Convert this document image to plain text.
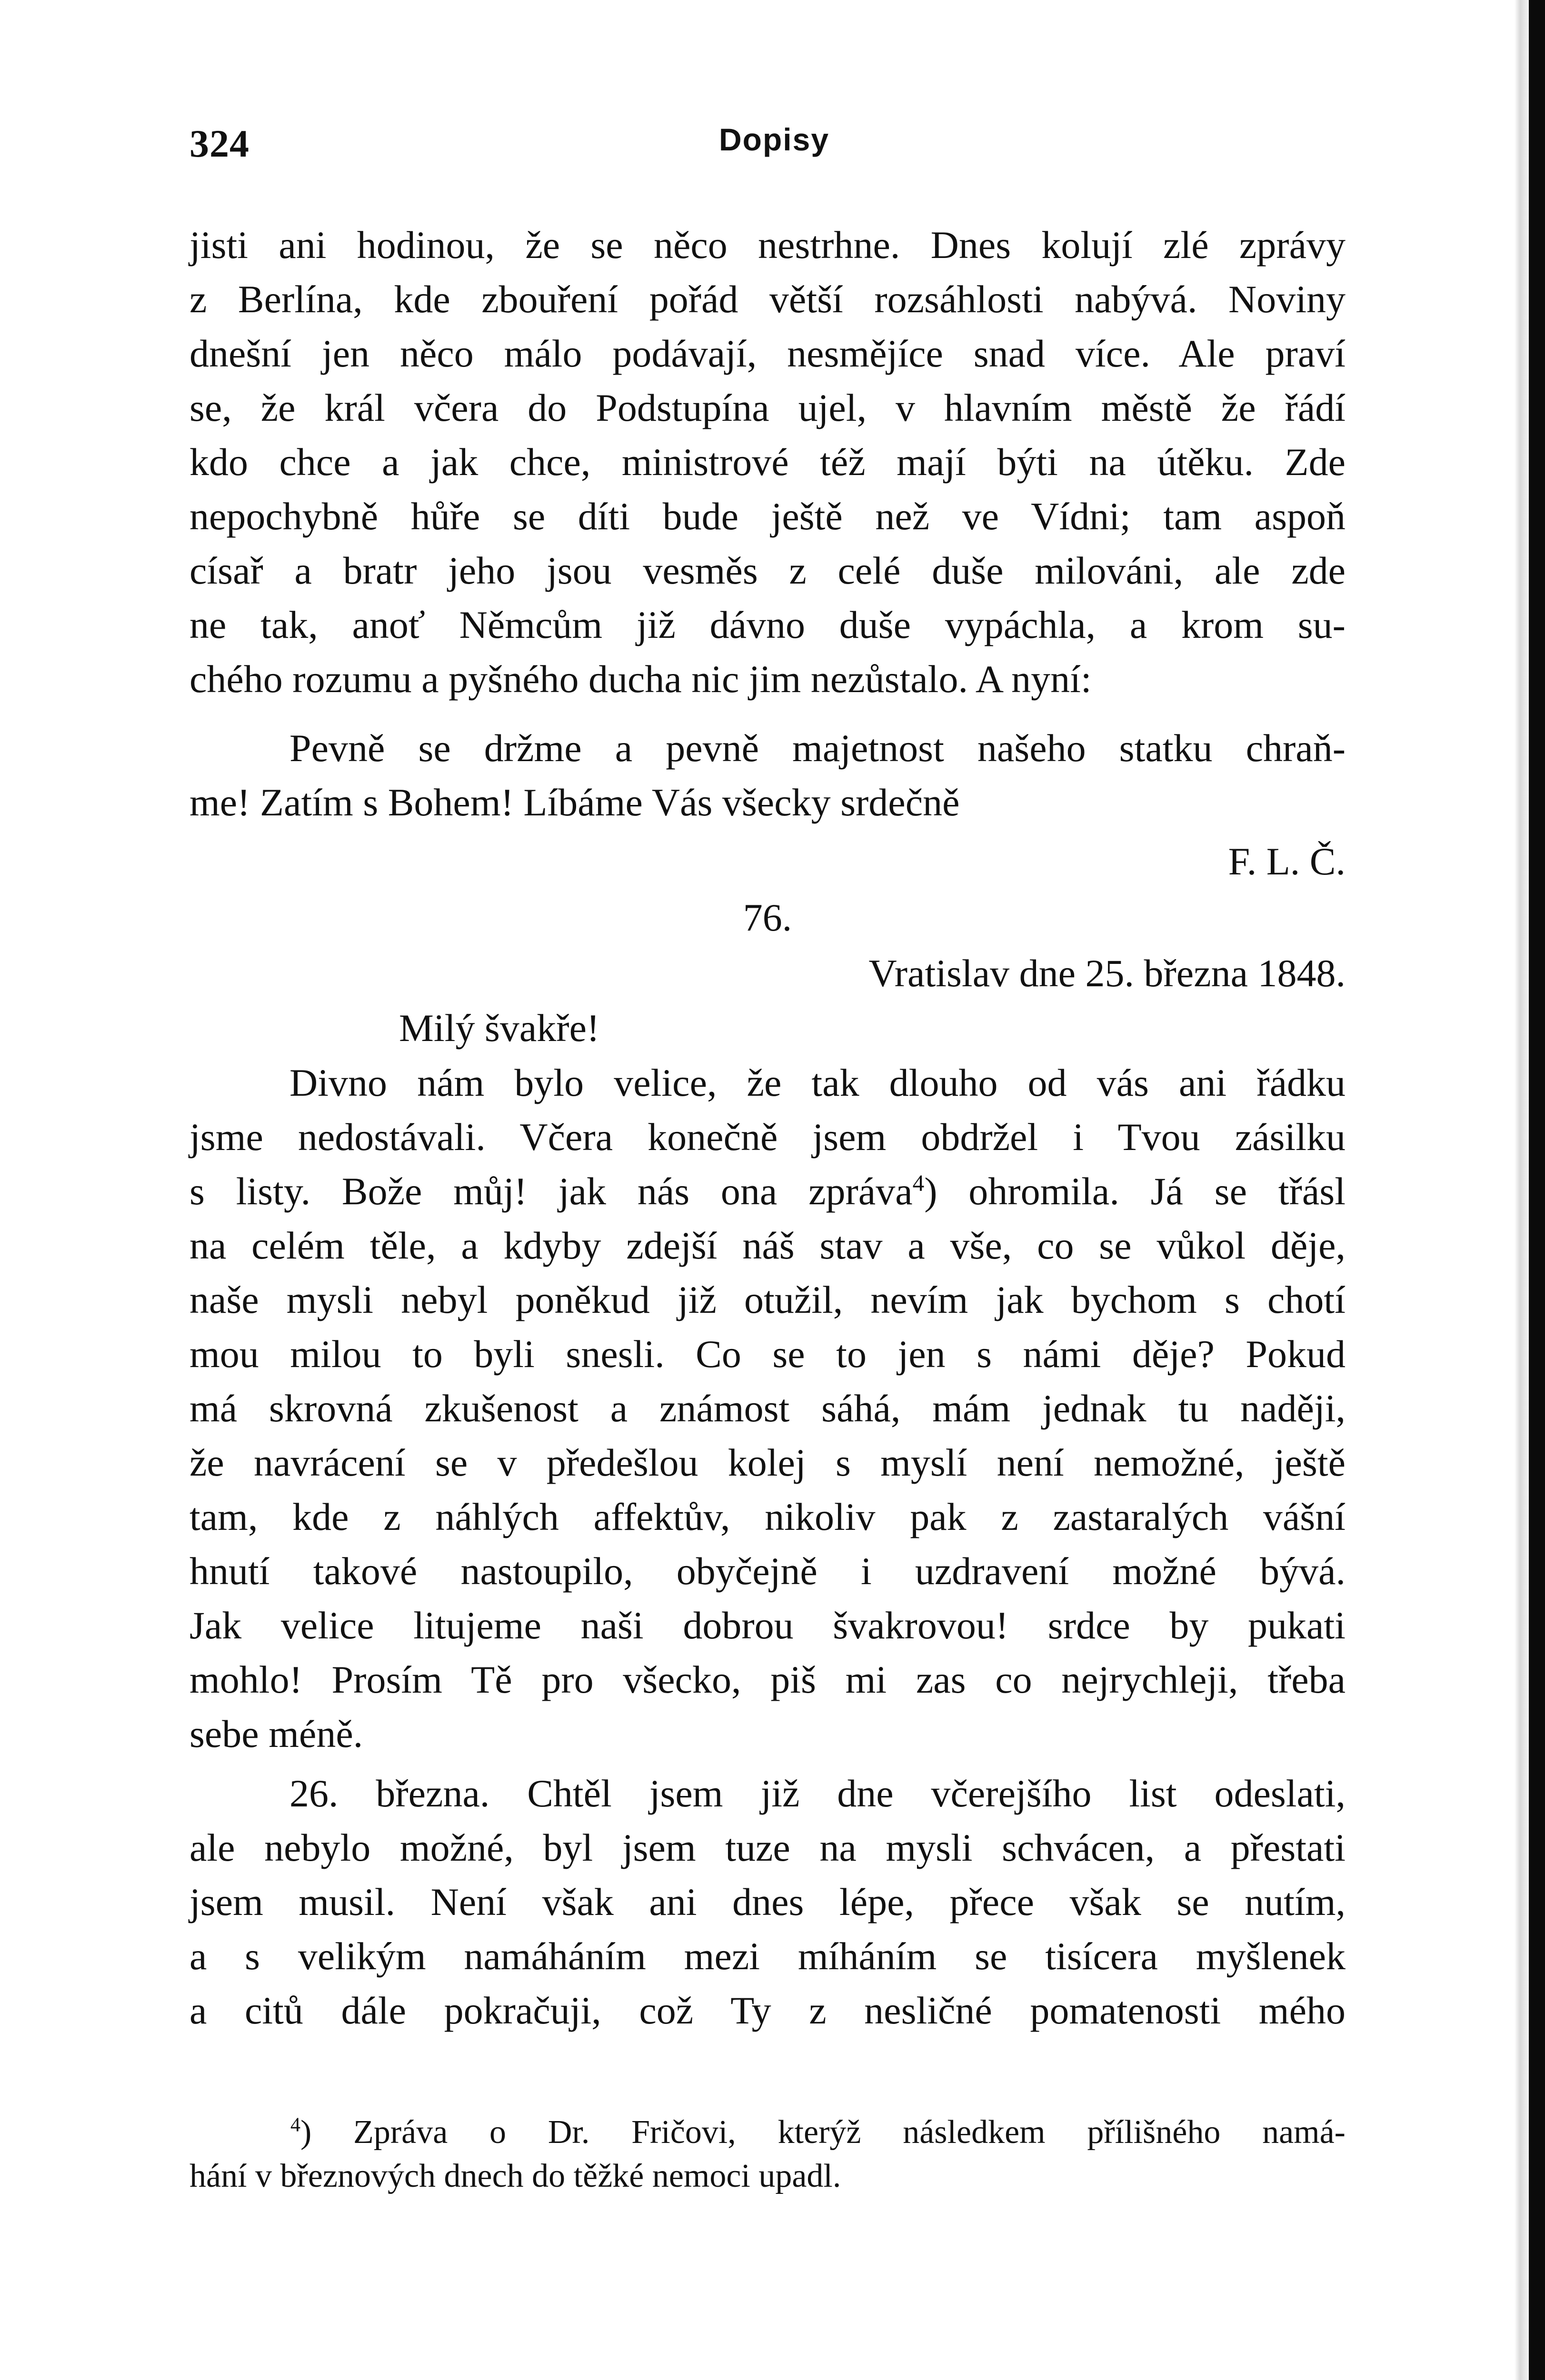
324	Dopisy
jisti ani hodinou, že se něco nestrhne. Dnes kolují zlé zprávy
z Berlína, kde zbouření pořád větší rozsáhlosti nabývá. Noviny
dnešní jen něco málo podávají, nesmějíce snad více. Ale praví
se, že král včera do Podstupína ujel, v hlavním městě že řádí
kdo chce a jak chce, ministrové též mají býti na útěku. Zde
nepochybně hůře se díti bude ještě než ve Vídni; tam aspoň
císař a bratr jeho jsou vesměs z celé duše milováni, ale zde
ne tak, anoť Němcům již dávno duše vypáchla, a krom su-
chého rozumu a pyšného ducha nic jim nezůstalo. A nyní:
Pevně se držme a pevně majetnost našeho statku chraň-
me! Zatím s Bohem! Líbáme Vás všecky srdečně
F. L. Č.
76.
Vratislav dne 25. března 1848.
Milý švakře!
Divno nám bylo velice, že tak dlouho od vás ani řádku
jsme nedostávali. Včera konečně jsem obdržel i Tvou zásilku
s listy. Bože můj! jak nás ona zpráva$^4$) ohromila. Já se třásl
na celém těle, a kdyby zdejší náš stav a vše, co se vůkol děje,
naše mysli nebyl poněkud již otužil, nevím jak bychom s chotí
mou milou to byli snesli. Co se to jen s námi děje? Pokud
má skrovná zkušenost a známost sáhá, mám jednak tu naději,
že navrácení se v předešlou kolej s myslí není nemožné, ještě
tam, kde z náhlých affektův, nikoliv pak z zastaralých vášní
hnutí takové nastoupilo, obyčejně i uzdravení možné bývá.
Jak velice litujeme naši dobrou švakrovou! srdce by pukati
mohlo! Prosím Tě pro všecko, piš mi zas co nejrychleji, třeba
sebe méně.
26. března. Chtěl jsem již dne včerejšího list odeslati,
ale nebylo možné, byl jsem tuze na mysli schvácen, a přestati
jsem musil. Není však ani dnes lépe, přece však se nutím,
a s velikým namáháním mezi míháním se tisícera myšlenek
a citů dále pokračuji, což Ty z nesličné pomatenosti mého
$^4$) Zpráva o Dr. Fričovi, kterýž následkem přílišného namá-
hání v březnových dnech do těžké nemoci upadl.
